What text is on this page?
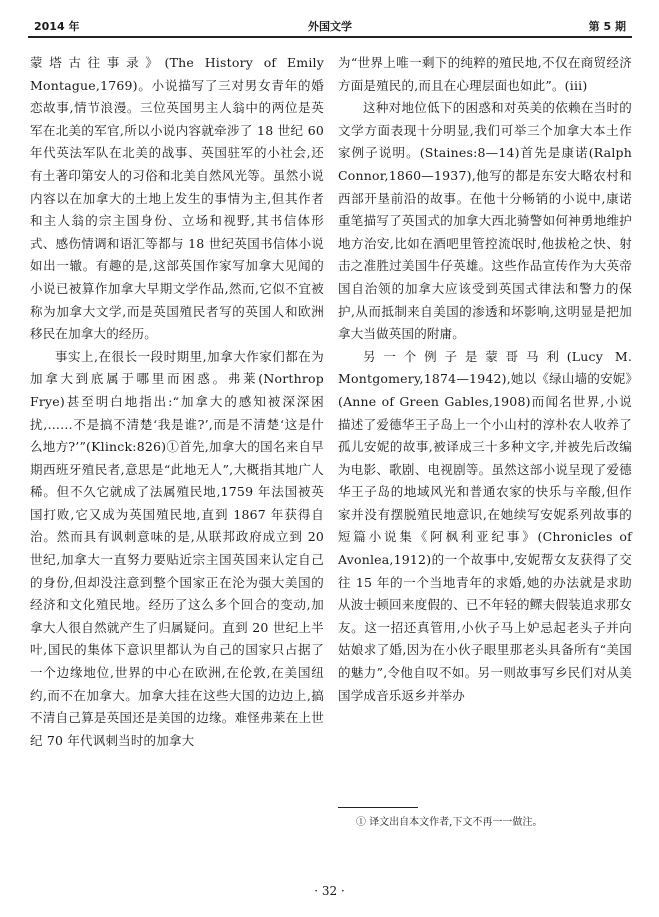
2014 年	外国文学	第 5 期

蒙塔古往事录》(The History of Emily Montague,1769)。小说描写了三对男女青年的婚恋故事,情节浪漫。三位英国男主人翁中的两位是英军在北美的军官,所以小说内容就牵涉了 18 世纪 60 年代英法军队在北美的战事、英国驻军的小社会,还有土著印第安人的习俗和北美自然风光等。虽然小说内容以在加拿大的土地上发生的事情为主,但其作者和主人翁的宗主国身份、立场和视野,其书信体形式、感伤情调和语汇等都与 18 世纪英国书信体小说如出一辙。有趣的是,这部英国作家写加拿大见闻的小说已被算作加拿大早期文学作品,然而,它似不宜被称为加拿大文学,而是英国殖民者写的英国人和欧洲移民在加拿大的经历。

事实上,在很长一段时期里,加拿大作家们都在为加拿大到底属于哪里而困惑。弗莱(Northrop Frye)甚至明白地指出:“加拿大的感知被深深困扰,……不是搞不清楚‘我是谁?’,而是不清楚‘这是什么地方?’”(Klinck:826)①首先,加拿大的国名来自早期西班牙殖民者,意思是“此地无人”,大概指其地广人稀。但不久它就成了法属殖民地,1759 年法国被英国打败,它又成为英国殖民地,直到 1867 年获得自治。然而具有讽刺意味的是,从联邦政府成立到 20 世纪,加拿大一直努力要贴近宗主国英国来认定自己的身份,但却没注意到整个国家正在沦为强大美国的经济和文化殖民地。经历了这么多个回合的变动,加拿大人很自然就产生了归属疑问。直到 20 世纪上半叶,国民的集体下意识里都认为自己的国家只占据了一个边缘地位,世界的中心在欧洲,在伦敦,在美国纽约,而不在加拿大。加拿大挂在这些大国的边边上,搞不清自己算是英国还是美国的边缘。难怪弗莱在上世纪 70 年代讽刺当时的加拿大

为“世界上唯一剩下的纯粹的殖民地,不仅在商贸经济方面是殖民的,而且在心理层面也如此”。(iii)

这种对地位低下的困惑和对英美的依赖在当时的文学方面表现十分明显,我们可举三个加拿大本土作家例子说明。(Staines:8—14)首先是康诺(Ralph Connor,1860—1937),他写的都是东安大略农村和西部开垦前沿的故事。在他十分畅销的小说中,康诺重笔描写了英国式的加拿大西北骑警如何神勇地维护地方治安,比如在酒吧里管控流氓时,他拔枪之快、射击之准胜过美国牛仔英雄。这些作品宣传作为大英帝国自治领的加拿大应该受到英国式律法和警力的保护,从而抵制来自美国的渗透和坏影响,这明显是把加拿大当做英国的附庸。

另一个例子是蒙哥马利(Lucy M. Montgomery,1874—1942),她以《绿山墙的安妮》(Anne of Green Gables,1908)而闻名世界,小说描述了爱德华王子岛上一个小山村的淳朴农人收养了孤儿安妮的故事,被译成三十多种文字,并被先后改编为电影、歌剧、电视剧等。虽然这部小说呈现了爱德华王子岛的地域风光和普通农家的快乐与辛酸,但作家并没有摆脱殖民地意识,在她续写安妮系列故事的短篇小说集《阿枫利亚纪事》(Chronicles of Avonlea,1912)的一个故事中,安妮帮女友获得了交往 15 年的一个当地青年的求婚,她的办法就是求助从波士顿回来度假的、已不年轻的鳏夫假装追求那女友。这一招还真管用,小伙子马上妒忌起老头子并向姑娘求了婚,因为在小伙子眼里那老头具备所有“美国的魅力”,令他自叹不如。另一则故事写乡民们对从美国学成音乐返乡并举办

① 译文出自本文作者,下文不再一一做注。
· 32 ·
